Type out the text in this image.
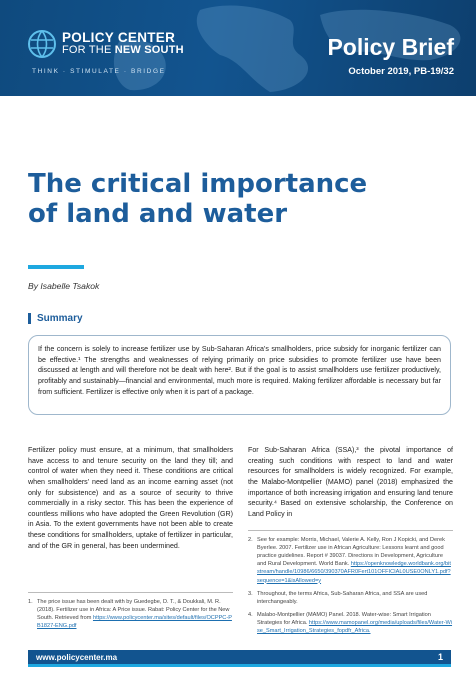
POLICY CENTER
FOR THE NEW SOUTH
THINK · STIMULATE · BRIDGE
Policy Brief
October 2019, PB-19/32
The critical importance
of land and water
By Isabelle Tsakok
Summary

If the concern is solely to increase fertilizer use by Sub-Saharan Africa's smallholders, price subsidy for inorganic fertilizer can be effective.¹ The strengths and weaknesses of relying primarily on price subsidies to promote fertilizer use have been discussed at length and will therefore not be dealt with here². But if the goal is to assist smallholders use fertilizer productively, profitably and sustainably—financial and environmental, much more is required. Making fertilizer affordable is necessary but far from sufficient. Fertilizer is effective only when it is part of a package.

Fertilizer policy must ensure, at a minimum, that smallholders have access to and tenure security on the land they till; and control of water when they need it. These conditions are critical when smallholders' need land as an income earning asset (not only for subsistence) and as a source of security to thrive commercially in a risky sector. This has been the experience of countless millions who have adopted the Green Revolution (GR) in Asia. To the extent governments have not been able to create these conditions for smallholders, uptake of fertilizer in particular, and of the GR in general, has been undermined.

For Sub-Saharan Africa (SSA),³ the pivotal importance of creating such conditions with respect to land and water resources for smallholders is widely recognized. For example, the Malabo-Montpellier (MAMO) panel (2018) emphasized the importance of both increasing irrigation and ensuring land tenure security.⁴ Based on extensive scholarship, the Conference on Land Policy in

1. The price issue has been dealt with by Guedegbe, D. T., & Doukkali, M. R. (2018). Fertilizer use in Africa: A Price issue. Rabat: Policy Center for the New South. Retrieved from https://www.policycenter.ma/sites/default/files/OCPPC-PB1827-ENG.pdf
2. See for example: Morris, Michael, Valerie A. Kelly, Ron J Kopicki, and Derek Byerlee. 2007. Fertilizer use in African Agriculture: Lessons learnt and good practice guidelines. Report # 39037. Directions in Development, Agriculture and Rural Development. World Bank. https://openknowledge.worldbank.org/bitstream/handle/10986/6650/390370AFR0Fert101OFFICIAL0USE0ONLY1.pdf?sequence=1&isAllowed=y
3. Throughout, the terms Africa, Sub-Saharan Africa, and SSA are used interchangeably.
4. Malabo-Montpellier (MAMO) Panel. 2018. Water-wise: Smart Irrigation Strategies for Africa. https://www.mamopanel.org/media/uploads/files/Water-Wise_Smart_Irrigation_Strategies_fopdfr_Africa.
www.policycenter.ma	1
